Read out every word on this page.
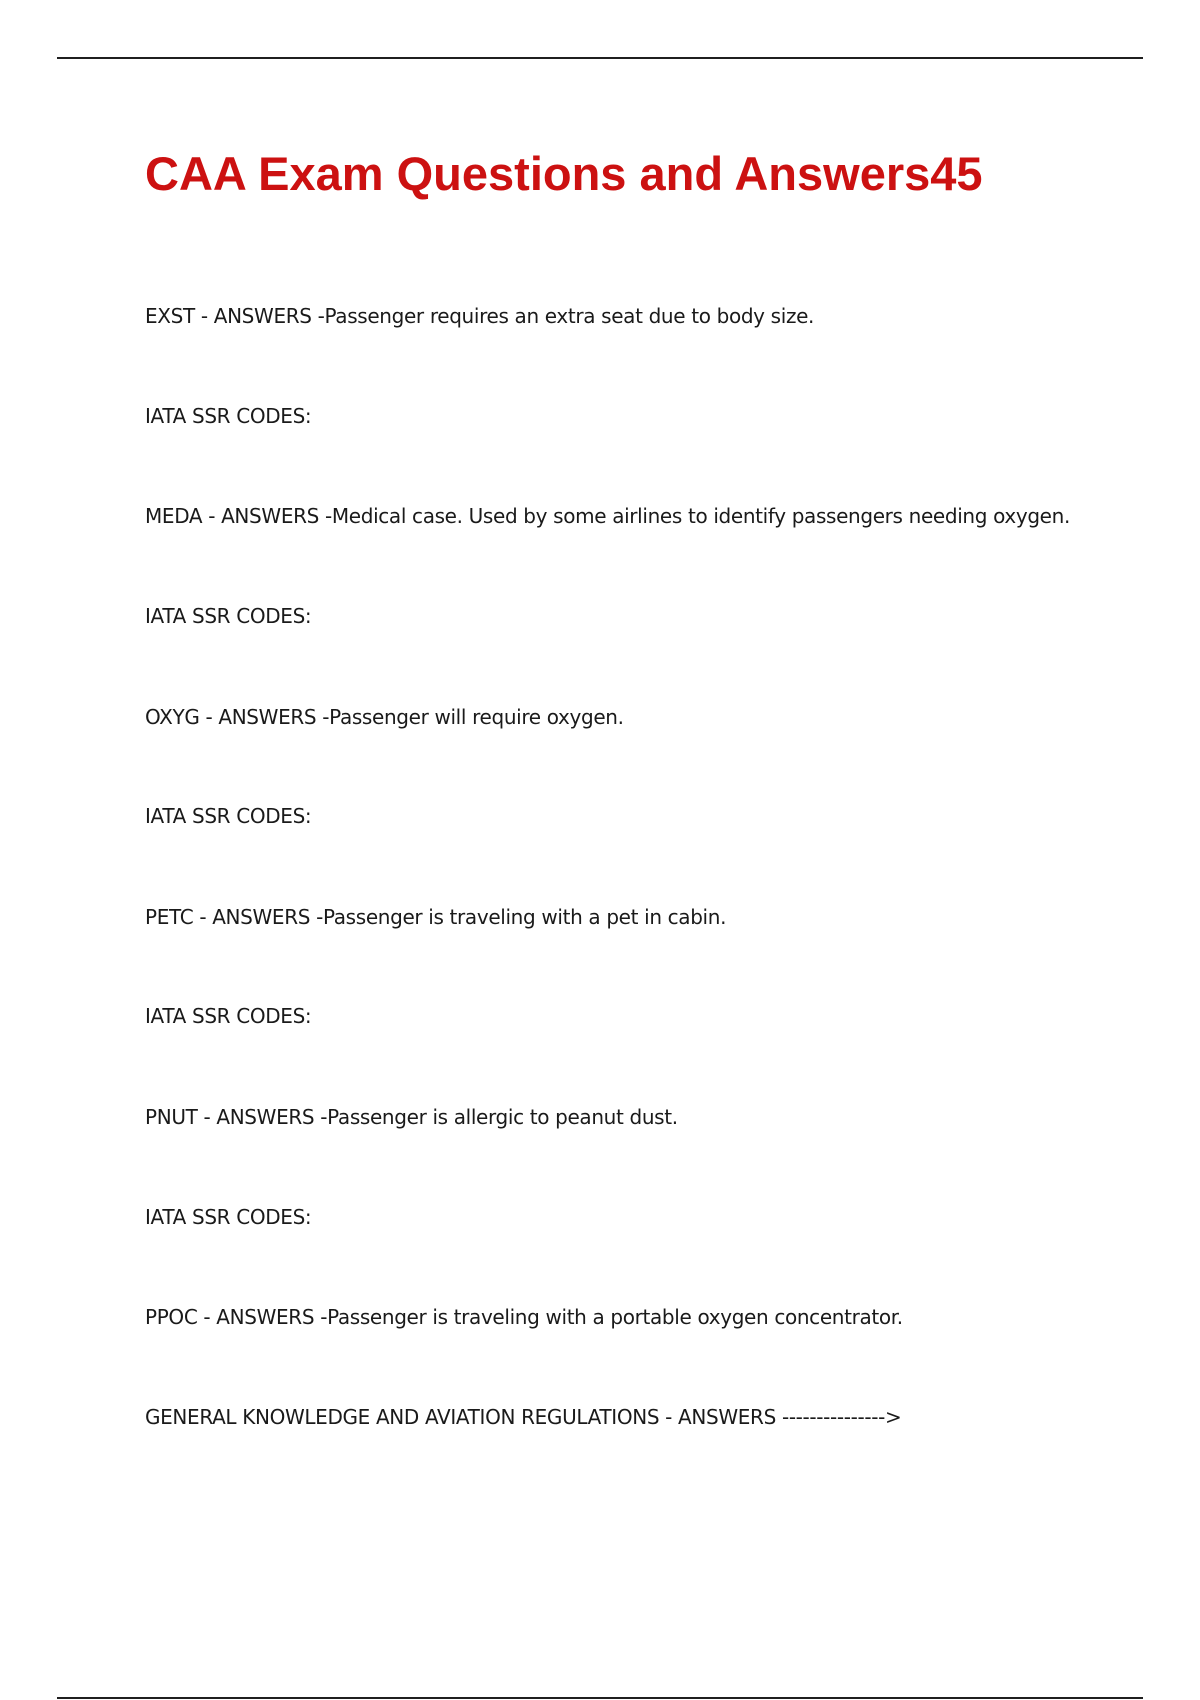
CAA Exam Questions and Answers45

EXST - ANSWERS -Passenger requires an extra seat due to body size.

IATA SSR CODES:

MEDA - ANSWERS -Medical case. Used by some airlines to identify passengers needing oxygen.

IATA SSR CODES:

OXYG - ANSWERS -Passenger will require oxygen.

IATA SSR CODES:

PETC - ANSWERS -Passenger is traveling with a pet in cabin.

IATA SSR CODES:

PNUT - ANSWERS -Passenger is allergic to peanut dust.

IATA SSR CODES:

PPOC - ANSWERS -Passenger is traveling with a portable oxygen concentrator.

GENERAL KNOWLEDGE AND AVIATION REGULATIONS - ANSWERS --------------->
